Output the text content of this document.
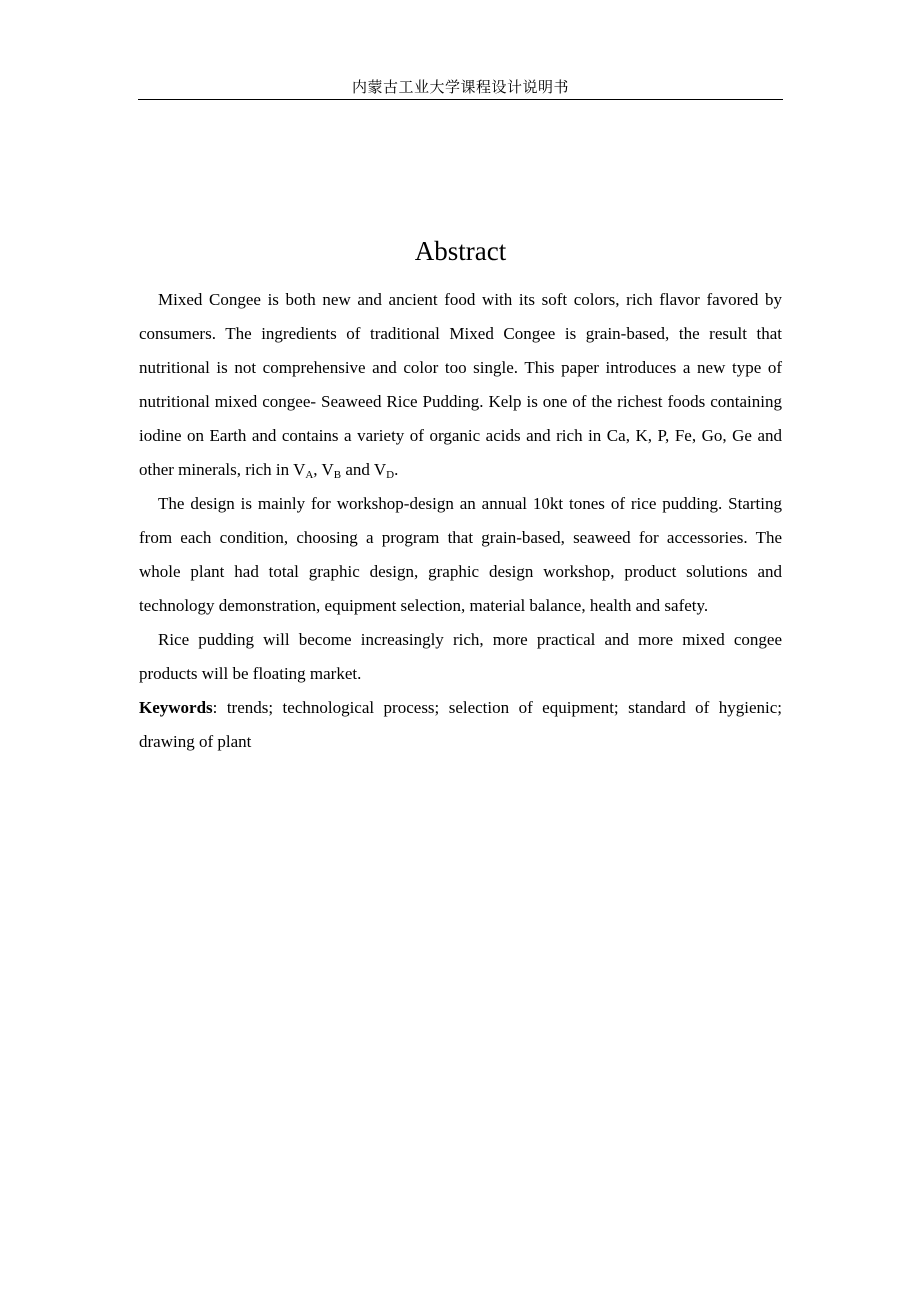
内蒙古工业大学课程设计说明书
Abstract

Mixed Congee is both new and ancient food with its soft colors, rich flavor favored by consumers. The ingredients of traditional Mixed Congee is grain-based, the result that nutritional is not comprehensive and color too single. This paper introduces a new type of nutritional mixed congee- Seaweed Rice Pudding. Kelp is one of the richest foods containing iodine on Earth and contains a variety of organic acids and rich in Ca, K, P, Fe, Go, Ge and other minerals, rich in $V_A$, $V_B$ and $V_D$.

The design is mainly for workshop-design an annual 10kt tones of rice pudding. Starting from each condition, choosing a program that grain-based, seaweed for accessories. The whole plant had total graphic design, graphic design workshop, product solutions and technology demonstration, equipment selection, material balance, health and safety.

Rice pudding will become increasingly rich, more practical and more mixed congee products will be floating market.

Keywords: trends; technological process; selection of equipment; standard of hygienic; drawing of plant
